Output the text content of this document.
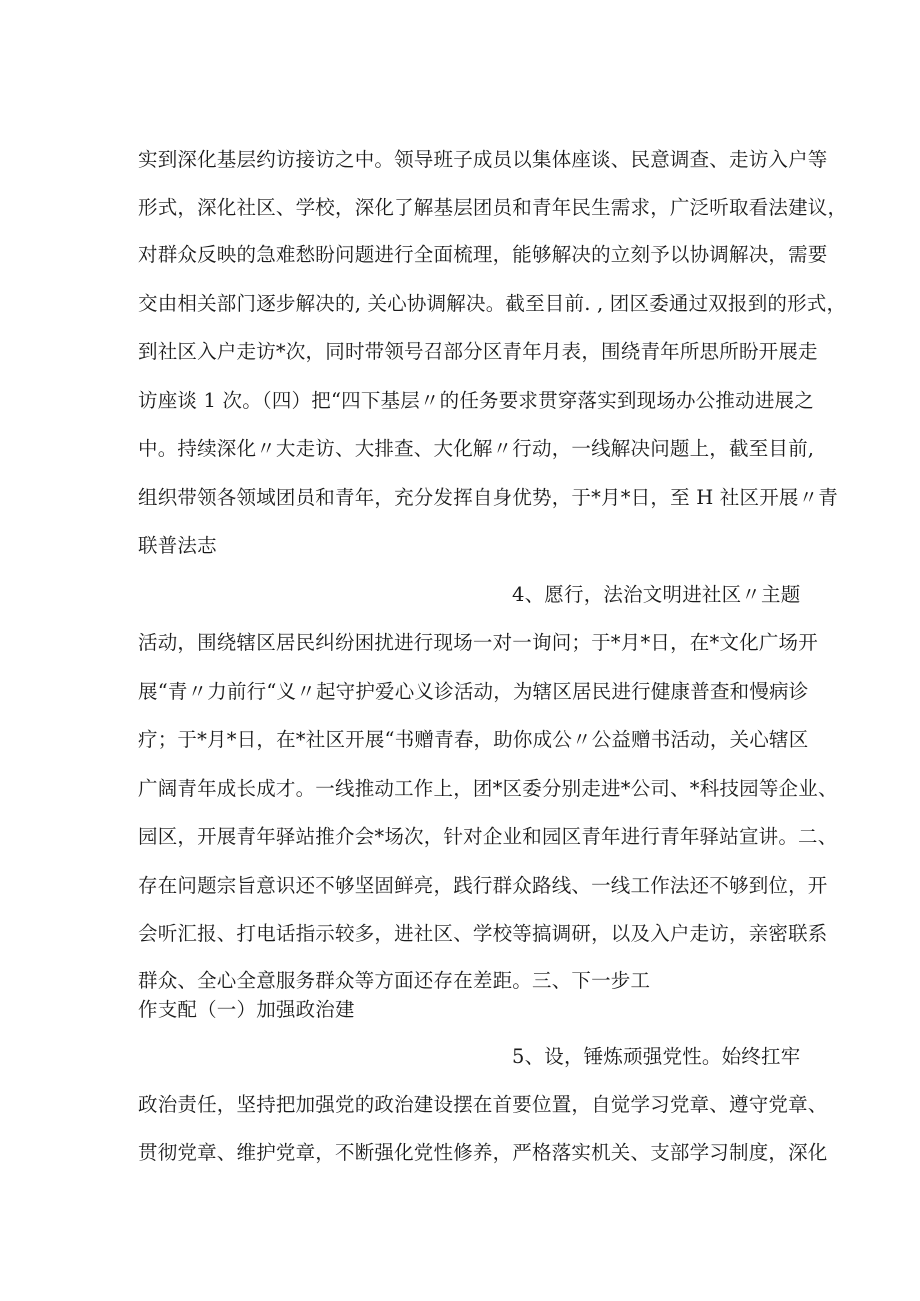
实到深化基层约访接访之中。领导班子成员以集体座谈、民意调查、走访入户等
形式，深化社区、学校，深化了解基层团员和青年民生需求，广泛听取看法建议，
对群众反映的急难愁盼问题进行全面梳理，能够解决的立刻予以协调解决，需要
交由相关部门逐步解决的, 关心协调解决。截至目前. , 团区委通过双报到的形式，
到社区入户走访*次，同时带领号召部分区青年月表，围绕青年所思所盼开展走
访座谈 1 次。（四）把“四下基层〃的任务要求贯穿落实到现场办公推动进展之
中。持续深化〃大走访、大排查、大化解〃行动，一线解决问题上，截至目前,
组织带领各领域团员和青年，充分发挥自身优势，于*月*日，至 H 社区开展〃青
联普法志
4、愿行，法治文明进社区〃主题
活动，围绕辖区居民纠纷困扰进行现场一对一询问；于*月*日，在*文化广场开
展“青〃力前行“义〃起守护爱心义诊活动，为辖区居民进行健康普查和慢病诊
疗；于*月*日，在*社区开展“书赠青春，助你成公〃公益赠书活动，关心辖区
广阔青年成长成才。一线推动工作上，团*区委分别走进*公司、*科技园等企业、
园区，开展青年驿站推介会*场次，针对企业和园区青年进行青年驿站宣讲。二、
存在问题宗旨意识还不够坚固鲜亮，践行群众路线、一线工作法还不够到位，开
会听汇报、打电话指示较多，进社区、学校等搞调研，以及入户走访，亲密联系
群众、全心全意服务群众等方面还存在差距。三、下一步工
作支配（一）加强政治建
5、设，锤炼顽强党性。始终扛牢
政治责任，坚持把加强党的政治建设摆在首要位置，自觉学习党章、遵守党章、
贯彻党章、维护党章，不断强化党性修养，严格落实机关、支部学习制度，深化
